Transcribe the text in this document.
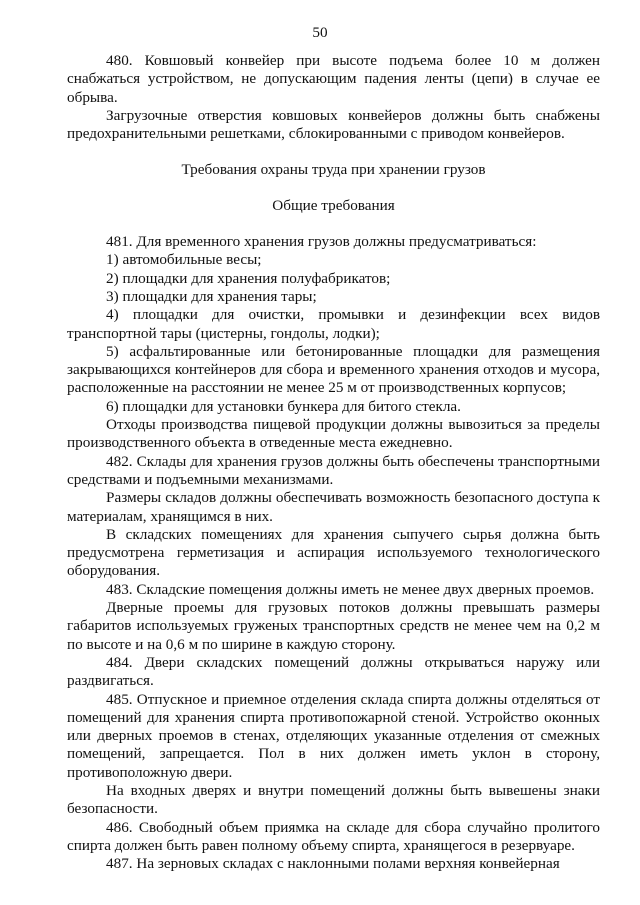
50

480. Ковшовый конвейер при высоте подъема более 10 м должен снабжаться устройством, не допускающим падения ленты (цепи) в случае ее обрыва.

Загрузочные отверстия ковшовых конвейеров должны быть снабжены предохранительными решетками, сблокированными с приводом конвейеров.

Требования охраны труда при хранении грузов
Общие требования

481. Для временного хранения грузов должны предусматриваться:

1) автомобильные весы;

2) площадки для хранения полуфабрикатов;

3) площадки для хранения тары;

4) площадки для очистки, промывки и дезинфекции всех видов транспортной тары (цистерны, гондолы, лодки);

5) асфальтированные или бетонированные площадки для размещения закрывающихся контейнеров для сбора и временного хранения отходов и мусора, расположенные на расстоянии не менее 25 м от производственных корпусов;

6) площадки для установки бункера для битого стекла.

Отходы производства пищевой продукции должны вывозиться за пределы производственного объекта в отведенные места ежедневно.

482. Склады для хранения грузов должны быть обеспечены транспортными средствами и подъемными механизмами.

Размеры складов должны обеспечивать возможность безопасного доступа к материалам, хранящимся в них.

В складских помещениях для хранения сыпучего сырья должна быть предусмотрена герметизация и аспирация используемого технологического оборудования.

483. Складские помещения должны иметь не менее двух дверных проемов.

Дверные проемы для грузовых потоков должны превышать размеры габаритов используемых груженых транспортных средств не менее чем на 0,2 м по высоте и на 0,6 м по ширине в каждую сторону.

484. Двери складских помещений должны открываться наружу или раздвигаться.

485. Отпускное и приемное отделения склада спирта должны отделяться от помещений для хранения спирта противопожарной стеной. Устройство оконных или дверных проемов в стенах, отделяющих указанные отделения от смежных помещений, запрещается. Пол в них должен иметь уклон в сторону, противоположную двери.

На входных дверях и внутри помещений должны быть вывешены знаки безопасности.

486. Свободный объем приямка на складе для сбора случайно пролитого спирта должен быть равен полному объему спирта, хранящегося в резервуаре.

487. На зерновых складах с наклонными полами верхняя конвейерная
